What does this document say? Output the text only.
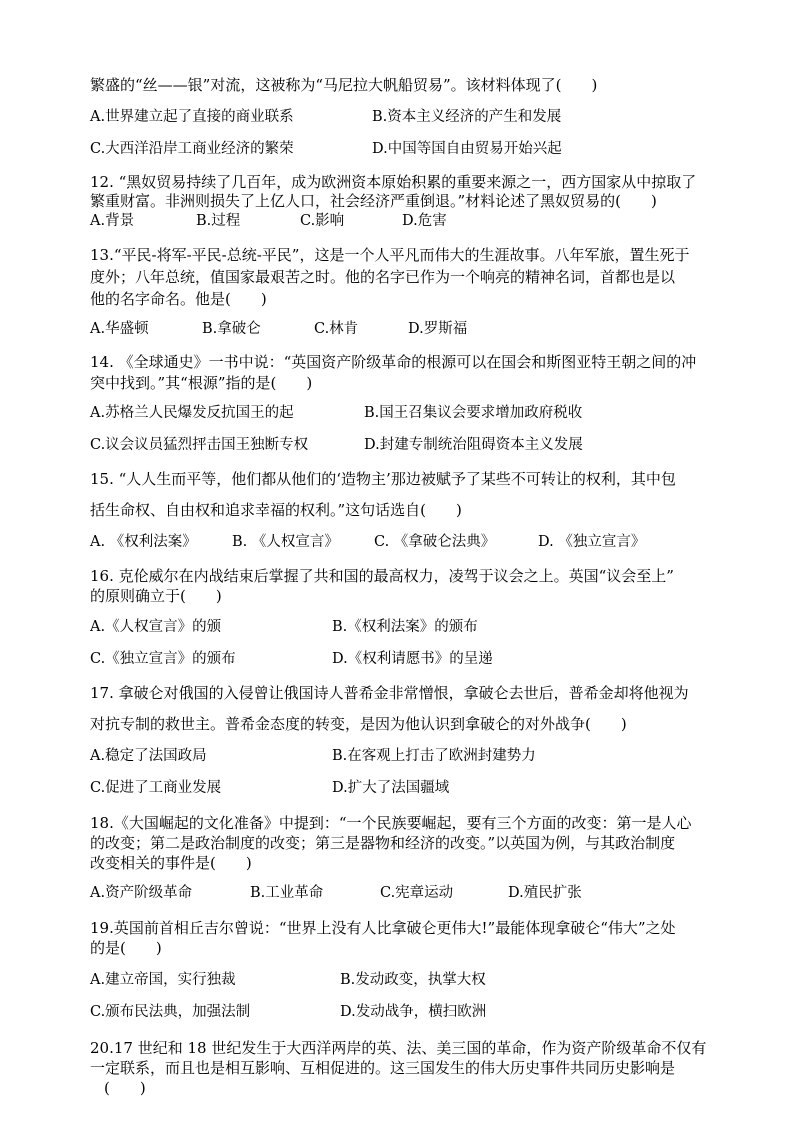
繁盛的“丝——银”对流，这被称为“马尼拉大帆船贸易”。该材料体现了(　　)
A.世界建立起了直接的商业联系	B.资本主义经济的产生和发展
C.大西洋沿岸工商业经济的繁荣	D.中国等国自由贸易开始兴起
12. “黑奴贸易持续了几百年，成为欧洲资本原始积累的重要来源之一，西方国家从中掠取了
繁重财富。非洲则损失了上亿人口，社会经济严重倒退。”材料论述了黑奴贸易的(　　)
A.背景	B.过程	C.影响	D.危害
13.“平民-将军-平民-总统-平民”，这是一个人平凡而伟大的生涯故事。八年军旅，置生死于
度外；八年总统，值国家最艰苦之时。他的名字已作为一个响亮的精神名词，首都也是以
他的名字命名。他是(　　)
A.华盛顿	B.拿破仑	C.林肯	D.罗斯福
14. 《全球通史》一书中说：“英国资产阶级革命的根源可以在国会和斯图亚特王朝之间的冲
突中找到。”其“根源”指的是(　　)
A.苏格兰人民爆发反抗国王的起	B.国王召集议会要求增加政府税收
C.议会议员猛烈抨击国王独断专权	D.封建专制统治阻碍资本主义发展
15. “人人生而平等，他们都从他们的‘造物主’那边被赋予了某些不可转让的权利，其中包
括生命权、自由权和追求幸福的权利。”这句话选自(　　)
A. 《权利法案》 B. 《人权宣言》 C. 《拿破仑法典》	D. 《独立宣言》
16. 克伦威尔在内战结束后掌握了共和国的最高权力，凌驾于议会之上。英国“议会至上”
的原则确立于(　　)
A.《人权宣言》的颁	B.《权利法案》的颁布
C.《独立宣言》的颁布	D.《权利请愿书》的呈递
17. 拿破仑对俄国的入侵曾让俄国诗人普希金非常憎恨，拿破仑去世后，普希金却将他视为
对抗专制的救世主。普希金态度的转变，是因为他认识到拿破仑的对外战争(　　)
A.稳定了法国政局	B.在客观上打击了欧洲封建势力
C.促进了工商业发展	D.扩大了法国疆域
18.《大国崛起的文化准备》中提到：“一个民族要崛起，要有三个方面的改变：第一是人心
的改变；第二是政治制度的改变；第三是器物和经济的改变。”以英国为例，与其政治制度
改变相关的事件是(　　)
A.资产阶级革命	B.工业革命	C.宪章运动	D.殖民扩张
19.英国前首相丘吉尔曾说：“世界上没有人比拿破仑更伟大!”最能体现拿破仑“伟大”之处
的是(　　)
A.建立帝国，实行独裁	B.发动政变，执掌大权
C.颁布民法典，加强法制	D.发动战争，横扫欧洲
20.17 世纪和 18 世纪发生于大西洋两岸的英、法、美三国的革命，作为资产阶级革命不仅有
一定联系，而且也是相互影响、互相促进的。这三国发生的伟大历史事件共同历史影响是
(　　)
